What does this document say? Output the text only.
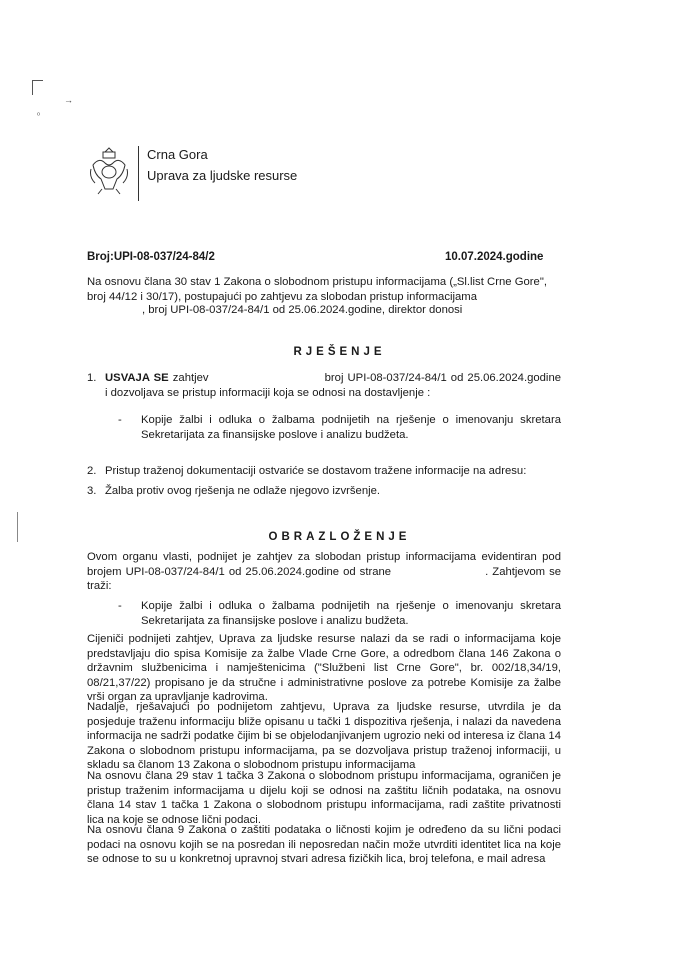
→
ₒ
Crna Gora
Uprava za ljudske resurse
Broj:UPI-08-037/24-84/2	10.07.2024.godine
Na osnovu člana 30 stav 1 Zakona o slobodnom pristupu informacijama („Sl.list Crne Gore", broj 44/12 i 30/17), postupajući po zahtjevu za slobodan pristup informacijama
, broj UPI-08-037/24-84/1 od 25.06.2024.godine, direktor donosi
RJEŠENJE
1. USVAJA SE zahtjev	broj UPI-08-037/24-84/1 od 25.06.2024.godine i dozvoljava se pristup informaciji koja se odnosi na dostavljenje :
- Kopije žalbi i odluka o žalbama podnijetih na rješenje o imenovanju skretara Sekretarijata za finansijske poslove i analizu budžeta.
2. Pristup traženoj dokumentaciji ostvariće se dostavom tražene informacije na adresu:
3. Žalba protiv ovog rješenja ne odlaže njegovo izvršenje.
OBRAZLOŽENJE
Ovom organu vlasti, podnijet je zahtjev za slobodan pristup informacijama evidentiran pod brojem UPI-08-037/24-84/1 od 25.06.2024.godine od strane	. Zahtjevom se traži:
- Kopije žalbi i odluka o žalbama podnijetih na rješenje o imenovanju skretara Sekretarijata za finansijske poslove i analizu budžeta.
Cijeniči podnijeti zahtjev, Uprava za ljudske resurse nalazi da se radi o informacijama koje predstavljaju dio spisa Komisije za žalbe Vlade Crne Gore, a odredbom člana 146 Zakona o državnim službenicima i namještenicima ("Službeni list Crne Gore", br. 002/18,34/19, 08/21,37/22) propisano je da stručne i administrativne poslove za potrebe Komisije za žalbe vrši organ za upravljanje kadrovima.
Nadalje, rješavajući po podnijetom zahtjevu, Uprava za ljudske resurse, utvrdila je da posjeduje traženu informaciju bliže opisanu u tački 1 dispozitiva rješenja, i nalazi da navedena informacija ne sadrži podatke čijim bi se objelodanjivanjem ugrozio neki od interesa iz člana 14 Zakona o slobodnom pristupu informacijama, pa se dozvoljava pristup traženoj informaciji, u skladu sa članom 13 Zakona o slobodnom pristupu informacijama
Na osnovu člana 29 stav 1 tačka 3 Zakona o slobodnom pristupu informacijama, ograničen je pristup traženim informacijama u dijelu koji se odnosi na zaštitu ličnih podataka, na osnovu člana 14 stav 1 tačka 1 Zakona o slobodnom pristupu informacijama, radi zaštite privatnosti lica na koje se odnose lični podaci.
Na osnovu člana 9 Zakona o zaštiti podataka o ličnosti kojim je određeno da su lični podaci podaci na osnovu kojih se na posredan ili neposredan način može utvrditi identitet lica na koje se odnose to su u konkretnoj upravnoj stvari adresa fizičkih lica, broj telefona, e mail adresa
